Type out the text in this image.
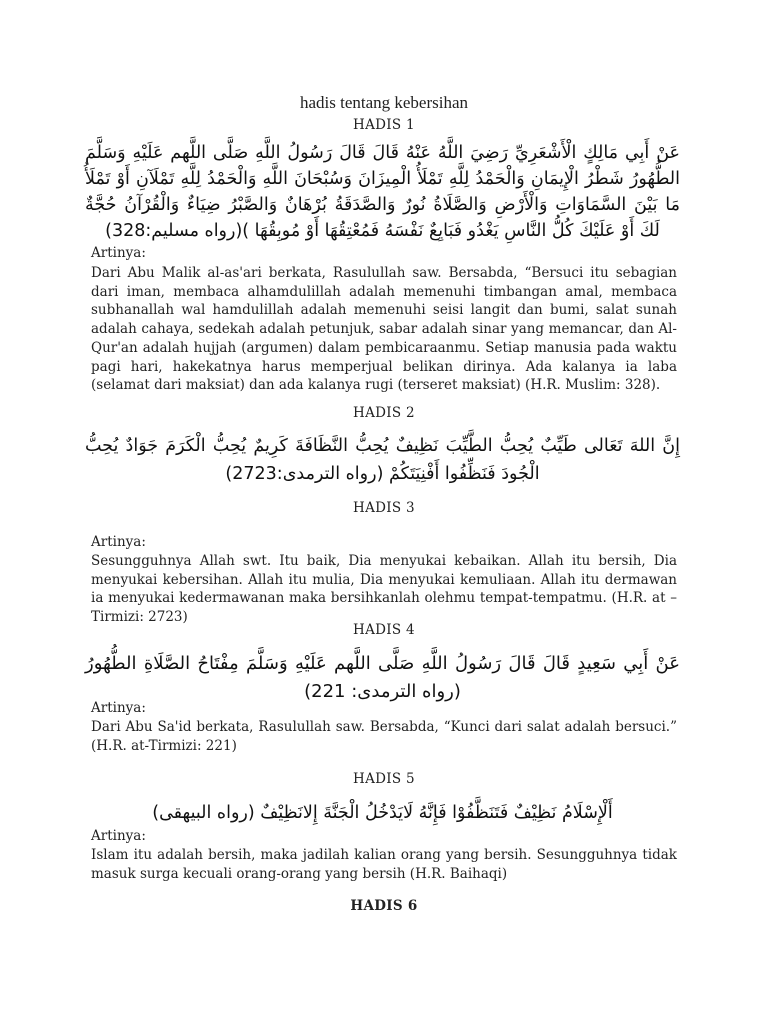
hadis tentang kebersihan
HADIS 1
عَنْ أَبِي مَالِكٍ الْأَشْعَرِيِّ رَضِيَ اللَّهُ عَنْهُ قَالَ قَالَ رَسُولُ اللَّهِ صَلَّى اللَّهم عَلَيْهِ وَسَلَّمَ الطُّهُورُ شَطْرُ الْإِيمَانِ وَالْحَمْدُ لِلَّهِ تَمْلَأُ الْمِيزَانَ وَسُبْحَانَ اللَّهِ وَالْحَمْدُ لِلَّهِ تَمْلَآنِ أَوْ تَمْلَأُ مَا بَيْنَ السَّمَاوَاتِ وَالْأَرْضِ وَالصَّلَاةُ نُورٌ وَالصَّدَقَةُ بُرْهَانٌ وَالصَّبْرُ ضِيَاءٌ وَالْقُرْآنُ حُجَّةٌ لَكَ أَوْ عَلَيْكَ كُلُّ النَّاسِ يَغْدُو فَبَايِعٌ نَفْسَهُ فَمُعْتِقُهَا أَوْ مُوبِقُهَا )(رواه مسليم:328)
Artinya:
Dari Abu Malik al-as'ari berkata, Rasulullah saw. Bersabda, “Bersuci itu sebagian dari iman, membaca alhamdulillah adalah memenuhi timbangan amal, membaca subhanallah wal hamdulillah adalah memenuhi seisi langit dan bumi, salat sunah adalah cahaya, sedekah adalah petunjuk, sabar adalah sinar yang memancar, dan Al-Qur'an adalah hujjah (argumen) dalam pembicaraanmu. Setiap manusia pada waktu pagi hari, hakekatnya harus memperjual belikan dirinya. Ada kalanya ia laba (selamat dari maksiat) dan ada kalanya rugi (terseret maksiat) (H.R. Muslim: 328).
HADIS 2
إِنَّ اللهَ تَعَالى طَيِّبٌ يُحِبُّ الطَّيِّبَ نَظِيفٌ يُحِبُّ النَّظَافَةَ كَرِيمٌ يُحِبُّ الْكَرَمَ جَوَادٌ يُحِبُّ الْجُودَ فَنَظِّفُوا أَفْنِيَتَكُمْ (رواه الترمدى:2723)
HADIS 3
Artinya:
Sesungguhnya Allah swt. Itu baik, Dia menyukai kebaikan. Allah itu bersih, Dia menyukai kebersihan. Allah itu mulia, Dia menyukai kemuliaan. Allah itu dermawan ia menyukai kedermawanan maka bersihkanlah olehmu tempat-tempatmu. (H.R. at –Tirmizi: 2723)
HADIS 4
عَنْ أَبِي سَعِيدٍ قَالَ قَالَ رَسُولُ اللَّهِ صَلَّى اللَّهم عَلَيْهِ وَسَلَّمَ مِفْتَاحُ الصَّلَاةِ الطُّهُورُ (رواه الترمدى: 221)
Artinya:
Dari Abu Sa'id berkata, Rasulullah saw. Bersabda, “Kunci dari salat adalah bersuci.” (H.R. at-Tirmizi: 221)
HADIS 5
أَلْإِسْلَامُ نَظِيْفٌ فَتَنَظَّفُوْا فَإِنَّهُ لَايَدْخُلُ الْجَنَّةَ إِلانَظِيْفٌ (رواه البيهقى)
Artinya:
Islam itu adalah bersih, maka jadilah kalian orang yang bersih. Sesungguhnya tidak masuk surga kecuali orang-orang yang bersih (H.R. Baihaqi)
HADIS 6
